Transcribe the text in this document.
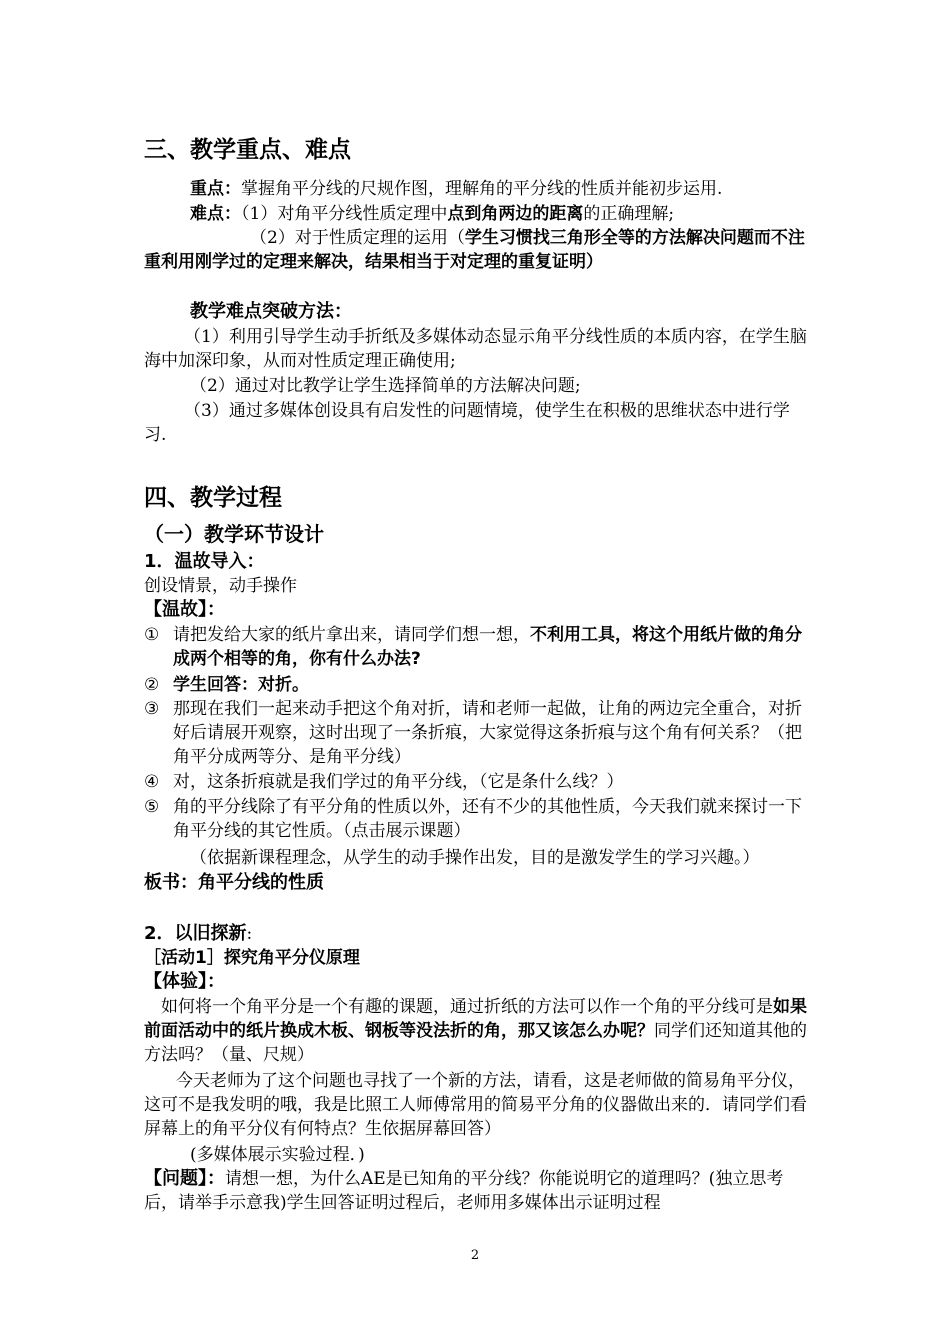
三、教学重点、难点
重点：掌握角平分线的尺规作图，理解角的平分线的性质并能初步运用.
难点：（1）对角平分线性质定理中点到角两边的距离的正确理解;
（2）对于性质定理的运用（学生习惯找三角形全等的方法解决问题而不注重利用刚学过的定理来解决，结果相当于对定理的重复证明）
教学难点突破方法：
（1）利用引导学生动手折纸及多媒体动态显示角平分线性质的本质内容，在学生脑海中加深印象，从而对性质定理正确使用;
（2）通过对比教学让学生选择简单的方法解决问题;
（3）通过多媒体创设具有启发性的问题情境，使学生在积极的思维状态中进行学习.
四、教学过程
（一）教学环节设计
1．温故导入：
创设情景，动手操作
【温故】：
① 请把发给大家的纸片拿出来，请同学们想一想，不利用工具，将这个用纸片做的角分成两个相等的角，你有什么办法?
② 学生回答：对折。
③ 那现在我们一起来动手把这个角对折，请和老师一起做，让角的两边完全重合，对折好后请展开观察，这时出现了一条折痕，大家觉得这条折痕与这个角有何关系？（把角平分成两等分、是角平分线）
④ 对，这条折痕就是我们学过的角平分线，（它是条什么线？）
⑤ 角的平分线除了有平分角的性质以外，还有不少的其他性质，今天我们就来探讨一下角平分线的其它性质。（点击展示课题）
（依据新课程理念，从学生的动手操作出发，目的是激发学生的学习兴趣。）
板书：角平分线的性质
2．以旧探新:
［活动1］探究角平分仪原理
【体验】：
如何将一个角平分是一个有趣的课题，通过折纸的方法可以作一个角的平分线可是如果前面活动中的纸片换成木板、钢板等没法折的角，那又该怎么办呢？同学们还知道其他的方法吗？（量、尺规）
今天老师为了这个问题也寻找了一个新的方法，请看，这是老师做的简易角平分仪，这可不是我发明的哦，我是比照工人师傅常用的简易平分角的仪器做出来的．请同学们看屏幕上的角平分仪有何特点？生依据屏幕回答）
(多媒体展示实验过程．)
【问题】：请想一想，为什么AE是已知角的平分线？你能说明它的道理吗？(独立思考后，请举手示意我)学生回答证明过程后，老师用多媒体出示证明过程
2
